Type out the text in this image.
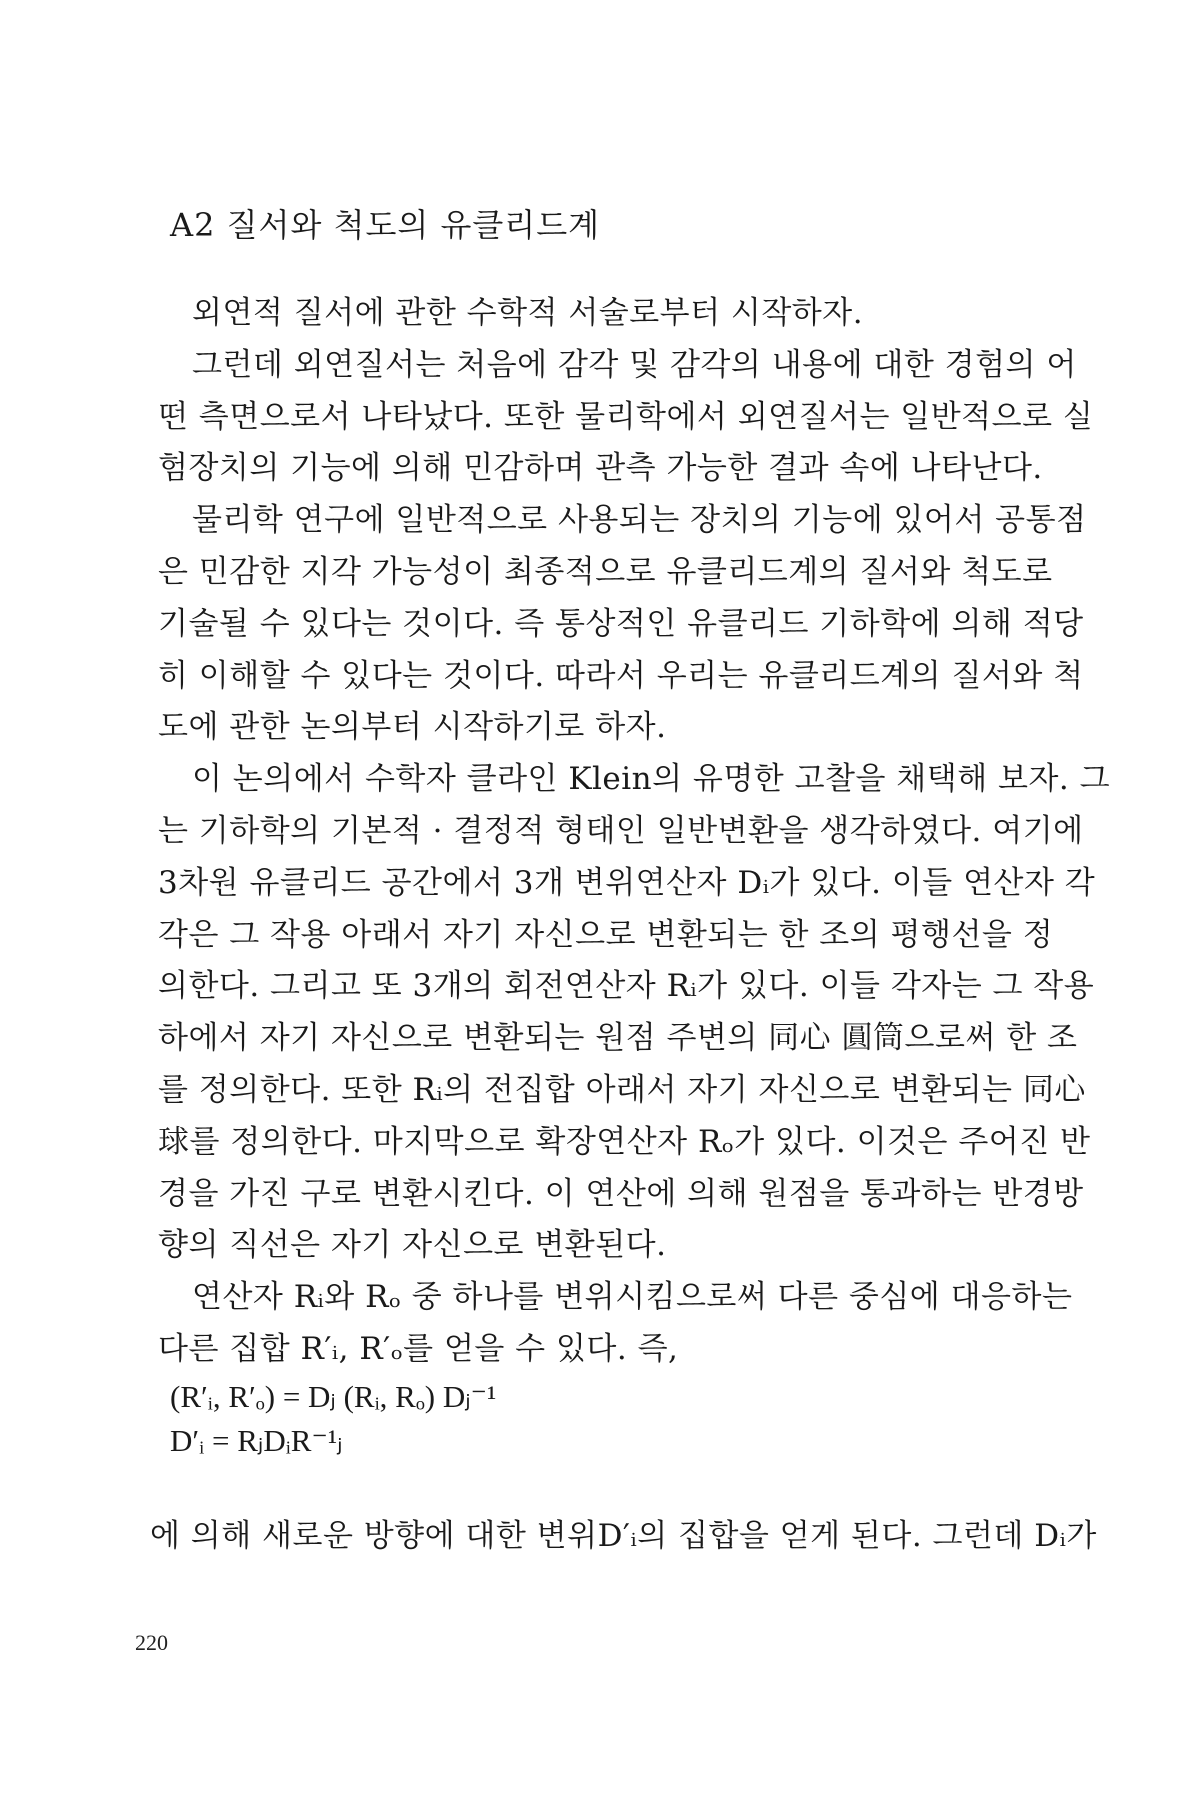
A2 질서와 척도의 유클리드계

외연적 질서에 관한 수학적 서술로부터 시작하자.

그런데 외연질서는 처음에 감각 및 감각의 내용에 대한 경험의 어
떤 측면으로서 나타났다. 또한 물리학에서 외연질서는 일반적으로 실
험장치의 기능에 의해 민감하며 관측 가능한 결과 속에 나타난다.

물리학 연구에 일반적으로 사용되는 장치의 기능에 있어서 공통점
은 민감한 지각 가능성이 최종적으로 유클리드계의 질서와 척도로
기술될 수 있다는 것이다. 즉 통상적인 유클리드 기하학에 의해 적당
히 이해할 수 있다는 것이다. 따라서 우리는 유클리드계의 질서와 척
도에 관한 논의부터 시작하기로 하자.

이 논의에서 수학자 클라인 Klein의 유명한 고찰을 채택해 보자. 그
는 기하학의 기본적 · 결정적 형태인 일반변환을 생각하였다. 여기에
3차원 유클리드 공간에서 3개 변위연산자 Dᵢ가 있다. 이들 연산자 각
각은 그 작용 아래서 자기 자신으로 변환되는 한 조의 평행선을 정
의한다. 그리고 또 3개의 회전연산자 Rᵢ가 있다. 이들 각자는 그 작용
하에서 자기 자신으로 변환되는 원점 주변의 同心 圓筒으로써 한 조
를 정의한다. 또한 Rᵢ의 전집합 아래서 자기 자신으로 변환되는 同心
球를 정의한다. 마지막으로 확장연산자 Rₒ가 있다. 이것은 주어진 반
경을 가진 구로 변환시킨다. 이 연산에 의해 원점을 통과하는 반경방
향의 직선은 자기 자신으로 변환된다.

연산자 Rᵢ와 Rₒ 중 하나를 변위시킴으로써 다른 중심에 대응하는
다른 집합 R′ᵢ, R′ₒ를 얻을 수 있다. 즉,

(R′ᵢ, R′ₒ) = Dⱼ (Rᵢ, Rₒ) Dⱼ⁻¹
D′ᵢ = RⱼDᵢR⁻¹ⱼ
에 의해 새로운 방향에 대한 변위D′ᵢ의 집합을 얻게 된다. 그런데 Dᵢ가
220
